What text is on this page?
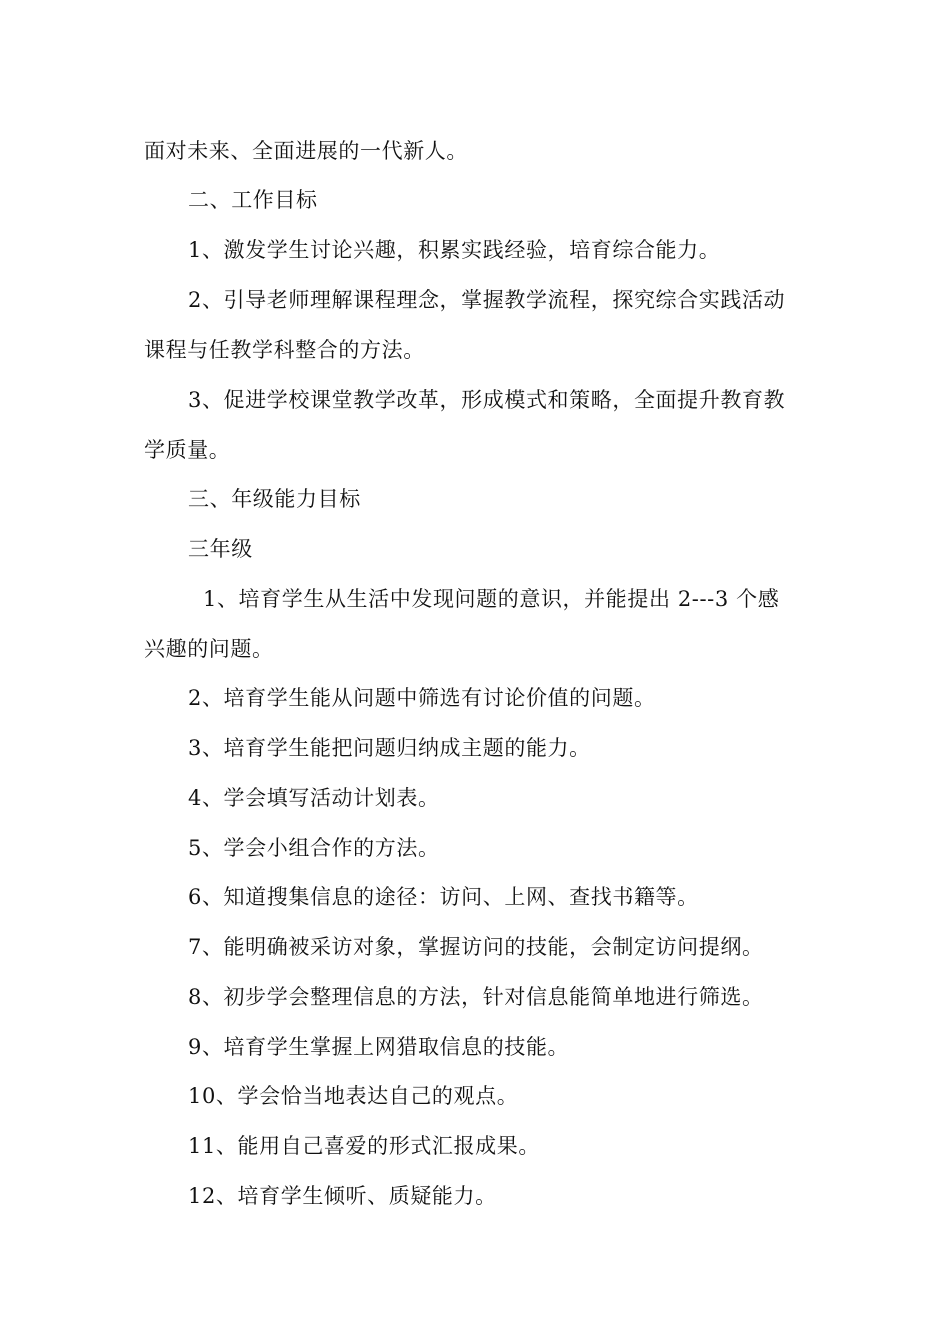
面对未来、全面进展的一代新人。
二、工作目标
1、激发学生讨论兴趣，积累实践经验，培育综合能力。
2、引导老师理解课程理念，掌握教学流程，探究综合实践活动
课程与任教学科整合的方法。
3、促进学校课堂教学改革，形成模式和策略，全面提升教育教
学质量。
三、年级能力目标
三年级
1、培育学生从生活中发现问题的意识，并能提出 2---3 个感
兴趣的问题。
2、培育学生能从问题中筛选有讨论价值的问题。
3、培育学生能把问题归纳成主题的能力。
4、学会填写活动计划表。
5、学会小组合作的方法。
6、知道搜集信息的途径：访问、上网、查找书籍等。
7、能明确被采访对象，掌握访问的技能，会制定访问提纲。
8、初步学会整理信息的方法，针对信息能简单地进行筛选。
9、培育学生掌握上网猎取信息的技能。
10、学会恰当地表达自己的观点。
11、能用自己喜爱的形式汇报成果。
12、培育学生倾听、质疑能力。
